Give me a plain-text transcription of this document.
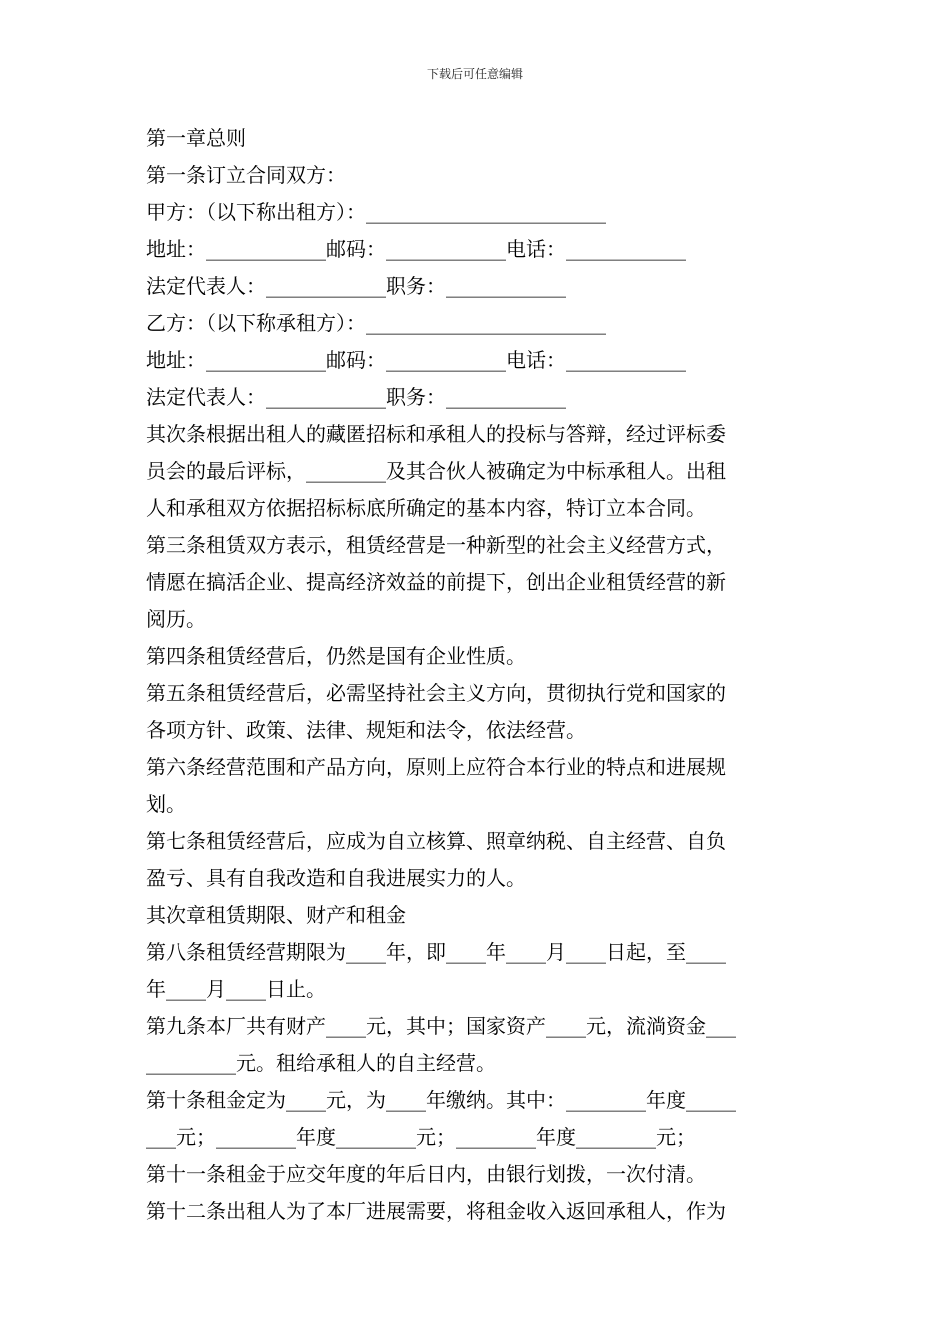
下载后可任意编辑
第一章总则
第一条订立合同双方：
甲方：（以下称出租方）：________________________
地址：____________邮码：____________电话：____________
法定代表人：____________职务：____________
乙方：（以下称承租方）：________________________
地址：____________邮码：____________电话：____________
法定代表人：____________职务：____________
其次条根据出租人的藏匿招标和承租人的投标与答辩，经过评标委
员会的最后评标，________及其合伙人被确定为中标承租人。出租
人和承租双方依据招标标底所确定的基本内容，特订立本合同。
第三条租赁双方表示，租赁经营是一种新型的社会主义经营方式，
情愿在搞活企业、提高经济效益的前提下，创出企业租赁经营的新
阅历。
第四条租赁经营后，仍然是国有企业性质。
第五条租赁经营后，必需坚持社会主义方向，贯彻执行党和国家的
各项方针、政策、法律、规矩和法令，依法经营。
第六条经营范围和产品方向，原则上应符合本行业的特点和进展规
划。
第七条租赁经营后，应成为自立核算、照章纳税、自主经营、自负
盈亏、具有自我改造和自我进展实力的人。
其次章租赁期限、财产和租金
第八条租赁经营期限为____年，即____年____月____日起，至____
年____月____日止。
第九条本厂共有财产____元，其中；国家资产____元，流淌资金___
_________元。租给承租人的自主经营。
第十条租金定为____元，为____年缴纳。其中：________年度_____
___元；________年度________元；________年度________元；
第十一条租金于应交年度的年后日内，由银行划拨，一次付清。
第十二条出租人为了本厂进展需要，将租金收入返回承租人，作为
